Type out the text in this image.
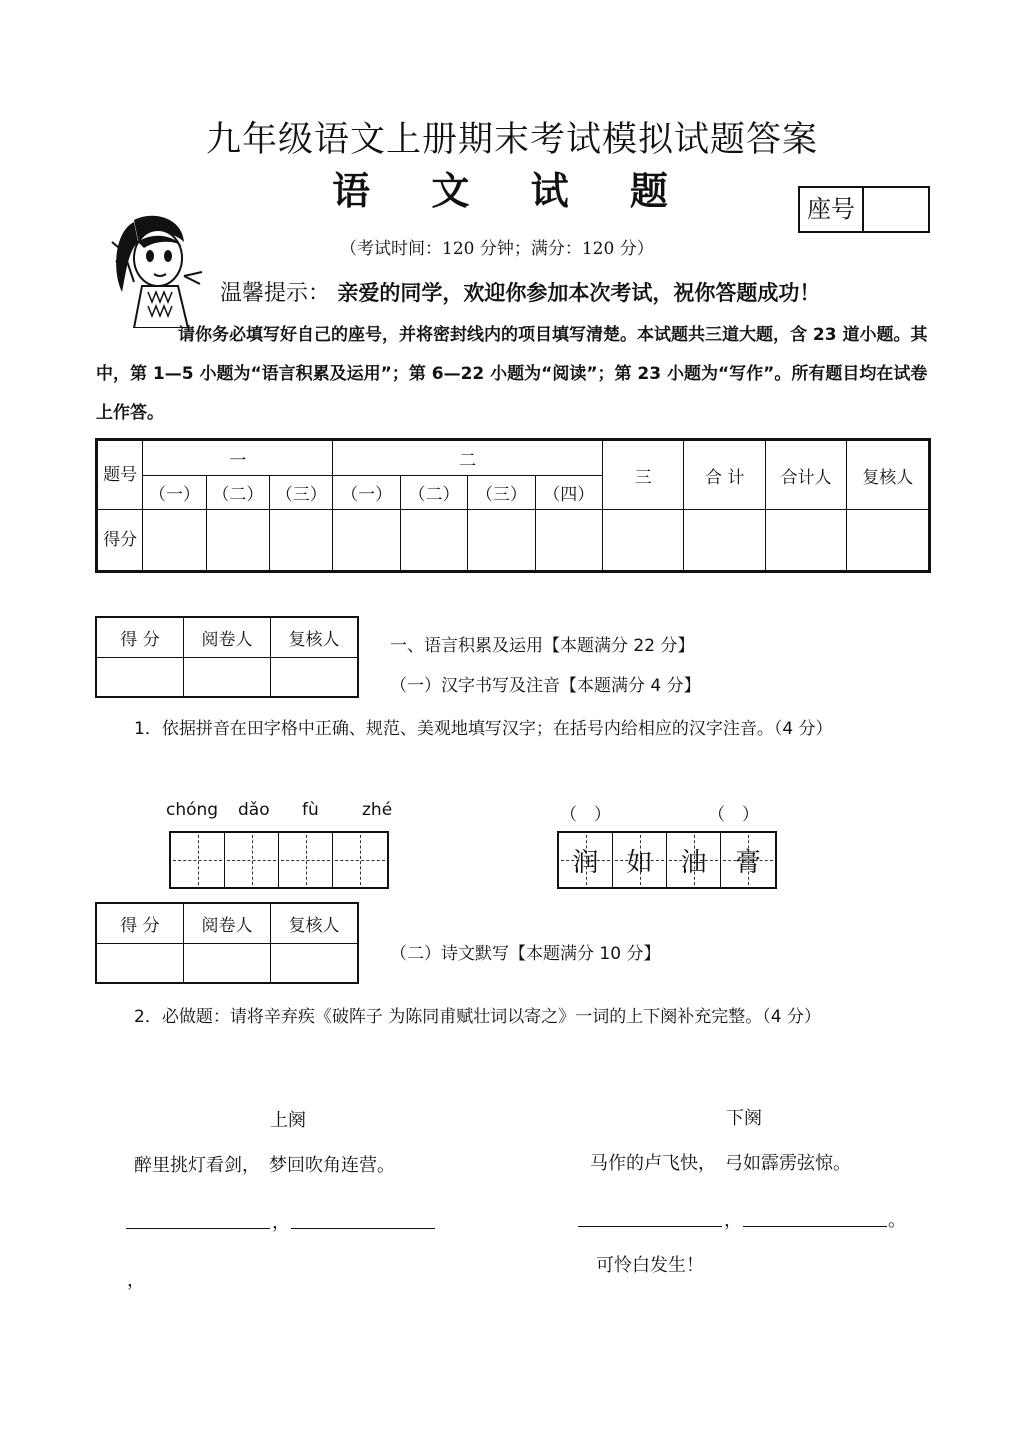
九年级语文上册期末考试模拟试题答案
语 文 试 题	座号
（考试时间：120 分钟；满分：120 分）
温馨提示： 亲爱的同学，欢迎你参加本次考试，祝你答题成功！
请你务必填写好自己的座号，并将密封线内的项目填写清楚。本试题共三道大题，含 23 道小题。其中，第 1—5 小题为“语言积累及运用”；第 6—22 小题为“阅读”；第 23 小题为“写作”。所有题目均在试卷上作答。
题号	一			二				三	合 计	合计人	复核人
	（一）	（二）	（三）	（一）	（二）	（三）	（四）				
得分											
得 分	阅卷人	复核人
			一、语言积累及运用【本题满分 22 分】
（一）汉字书写及注音【本题满分 4 分】
1．依据拼音在田字格中正确、规范、美观地填写汉字；在括号内给相应的汉字注音。（4 分）
chóng dǎo fù	zhé	（　）	（　）
润 如 油 膏
得 分	阅卷人	复核人

（二）诗文默写【本题满分 10 分】
2．必做题：请将辛弃疾《破阵子 为陈同甫赋壮词以寄之》一词的上下阕补充完整。（4 分）
上阕	下阕
醉里挑灯看剑，　梦回吹角连营。	马作的卢飞快，　弓如霹雳弦惊。
，	，	。
可怜白发生！
，
